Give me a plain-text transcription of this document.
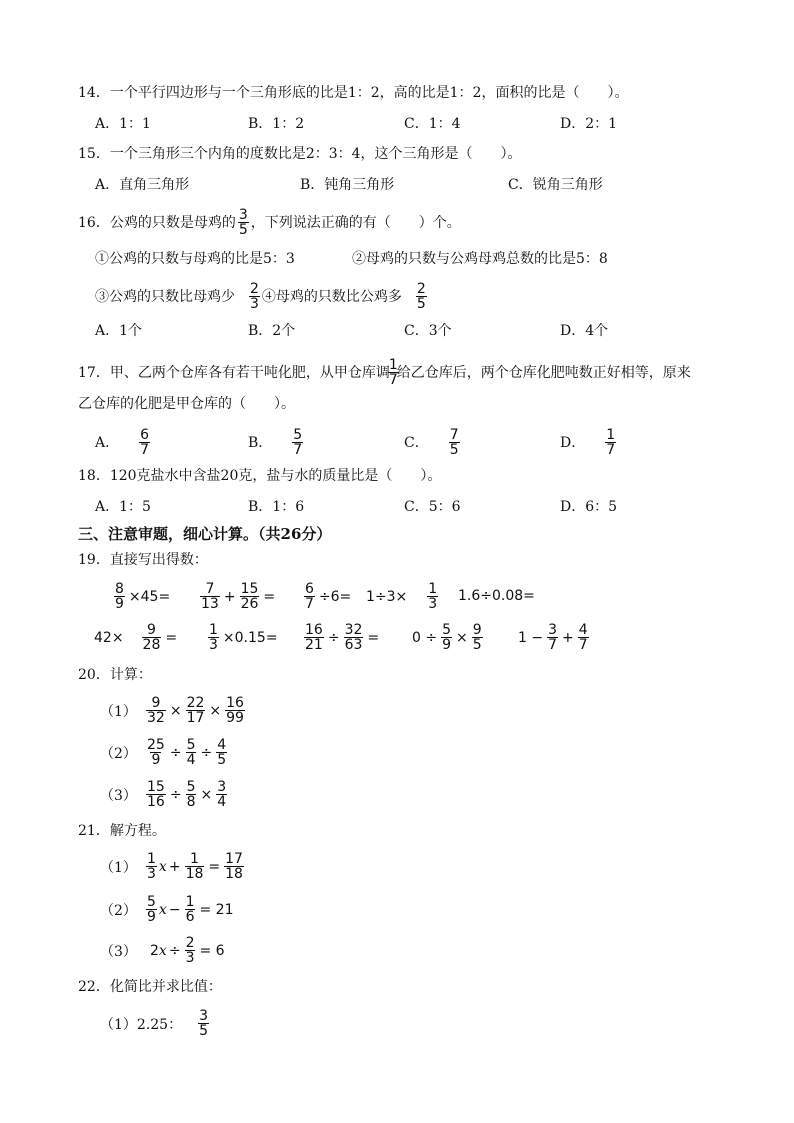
14．一个平行四边形与一个三角形底的比是1：2，高的比是1：2，面积的比是（　　）。
A．1：1	B．1：2	C．1：4	D．2：1
15．一个三角形三个内角的度数比是2：3：4，这个三角形是（　　）。
A．直角三角形	B．钝角三角形	C．锐角三角形
16．公鸡的只数是母鸡的 $\frac{3}{5}$ ，下列说法正确的有（　　）个。
①公鸡的只数与母鸡的比是5：3	②母鸡的只数与公鸡母鸡总数的比是5：8
③公鸡的只数比母鸡少 $\frac{2}{3}$ ④母鸡的只数比公鸡多 $\frac{2}{5}$
A．1个	B．2个	C．3个	D．4个
17．甲、乙两个仓库各有若干吨化肥，从甲仓库调
$\frac{1}{7}$
给乙仓库后，两个仓库化肥吨数正好相等，原来
乙仓库的化肥是甲仓库的（　　）。
A． $\frac{6}{7}$	B． $\frac{5}{7}$	C． $\frac{7}{5}$	D． $\frac{1}{7}$
18．120克盐水中含盐20克，盐与水的质量比是（　　）。
A．1：5	B．1：6	C．5：6	D．6：5
三、注意审题，细心计算。（共26分）
19．直接写出得数：
$\frac{8}{9} \times 45= \frac{7}{13} + \frac{15}{26} = \frac{6}{7} \div 6= 1\div 3\times \frac{1}{3} 1.6\div 0.08=$
$42\times \frac{9}{28} = \frac{1}{3} \times 0.15= \frac{16}{21} \div \frac{32}{63} = 0 \div \frac{5}{9} \times \frac{9}{5}$	$1 - \frac{3}{7} + \frac{4}{7}$
20．计算：
$(1) \frac{9}{32} \times \frac{22}{17} \times \frac{16}{99}$
$(2) \frac{25}{9} \div \frac{5}{4} \div \frac{4}{5}$
$(3) \frac{15}{16} \div \frac{5}{8} \times \frac{3}{4}$
21．解方程。
$(1) \frac{1}{3}$ $x + \frac{1}{18} = \frac{17}{18}$
$(2) \frac{5}{9}$ $x - \frac{1}{6} = 21$
（3） 2 $x \div \frac{2}{3} = 6$
22．化简比并求比值：
（1）2.25： $\frac{3}{5}$
